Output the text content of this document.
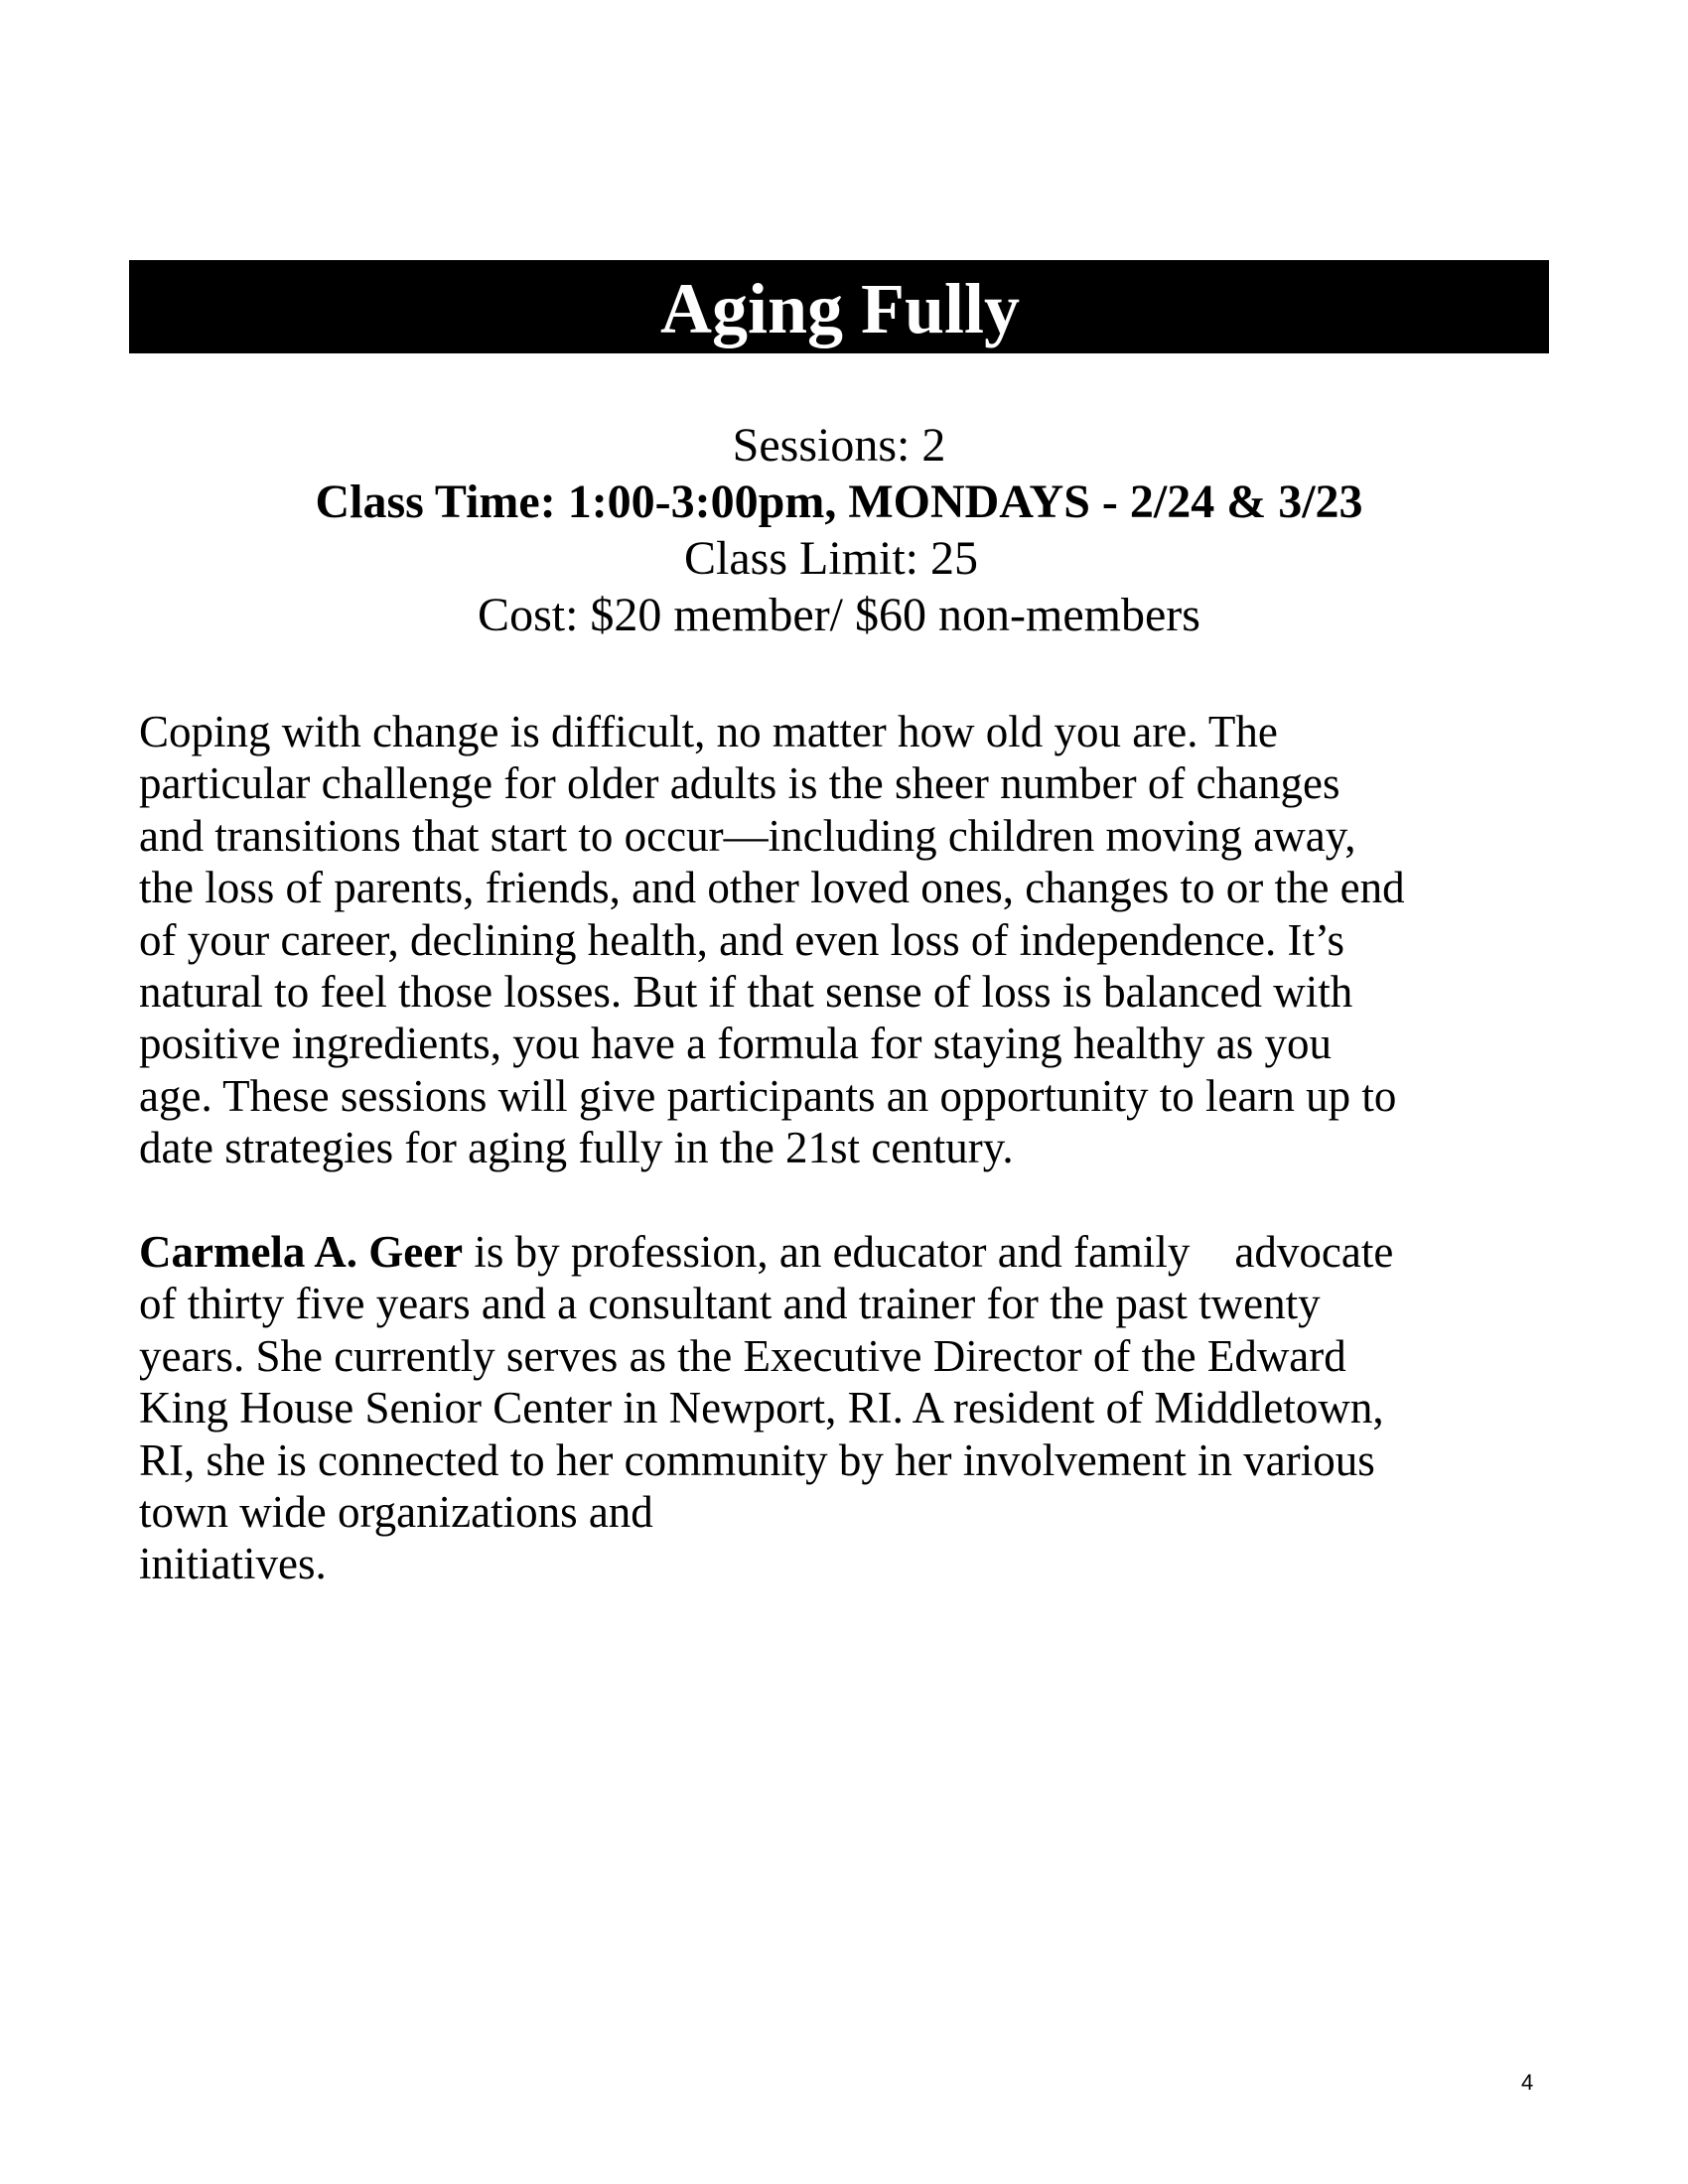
Aging Fully
Sessions: 2
Class Time: 1:00-3:00pm, MONDAYS - 2/24 & 3/23
Class Limit: 25
Cost: $20 member/ $60 non-members

Coping with change is difficult, no matter how old you are. The
particular challenge for older adults is the sheer number of changes
and transitions that start to occur—including children moving away,
the loss of parents, friends, and other loved ones, changes to or the end
of your career, declining health, and even loss of independence. It’s
natural to feel those losses. But if that sense of loss is balanced with
positive ingredients, you have a formula for staying healthy as you
age. These sessions will give participants an opportunity to learn up to
date strategies for aging fully in the 21st century.

Carmela A. Geer is by profession, an educator and family    advocate
of thirty five years and a consultant and trainer for the past twenty
years. She currently serves as the Executive Director of the Edward
King House Senior Center in Newport, RI. A resident of Middletown,
RI, she is connected to her community by her involvement in various
town wide organizations and
initiatives.

4
